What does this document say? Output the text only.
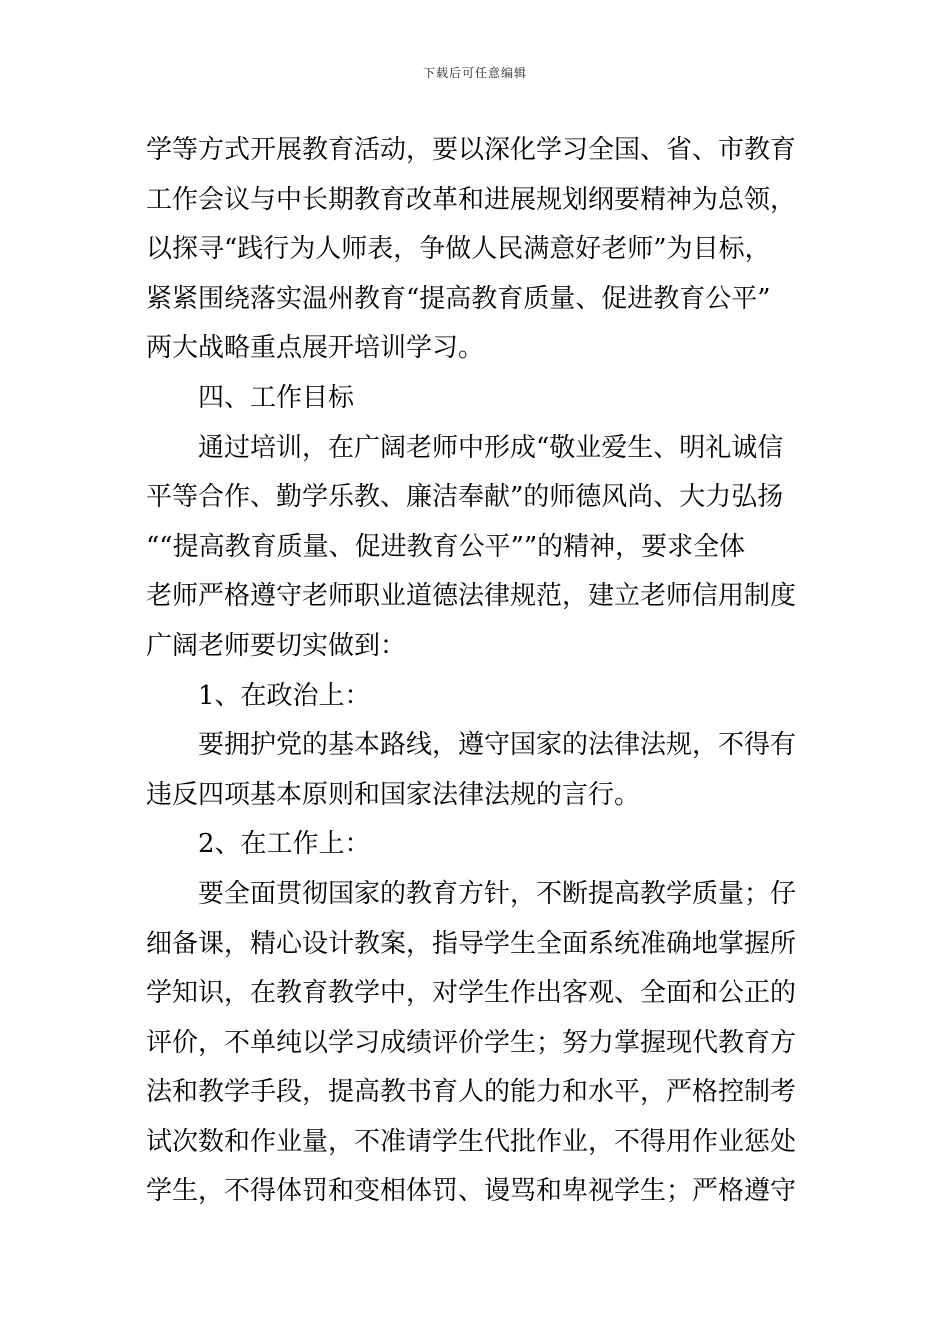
下载后可任意编辑
学等方式开展教育活动，要以深化学习全国、省、市教育
工作会议与中长期教育改革和进展规划纲要精神为总领，
以探寻“践行为人师表，争做人民满意好老师”为目标，
紧紧围绕落实温州教育“提高教育质量、促进教育公平”
两大战略重点展开培训学习。
四、工作目标
通过培训，在广阔老师中形成“敬业爱生、明礼诚信
平等合作、勤学乐教、廉洁奉献”的师德风尚、大力弘扬
““提高教育质量、促进教育公平””的精神，要求全体
老师严格遵守老师职业道德法律规范，建立老师信用制度
广阔老师要切实做到：
1、在政治上：
要拥护党的基本路线，遵守国家的法律法规，不得有
违反四项基本原则和国家法律法规的言行。
2、在工作上：
要全面贯彻国家的教育方针，不断提高教学质量；仔
细备课，精心设计教案，指导学生全面系统准确地掌握所
学知识，在教育教学中，对学生作出客观、全面和公正的
评价，不单纯以学习成绩评价学生；努力掌握现代教育方
法和教学手段，提高教书育人的能力和水平，严格控制考
试次数和作业量，不准请学生代批作业，不得用作业惩处
学生，不得体罚和变相体罚、谩骂和卑视学生；严格遵守
